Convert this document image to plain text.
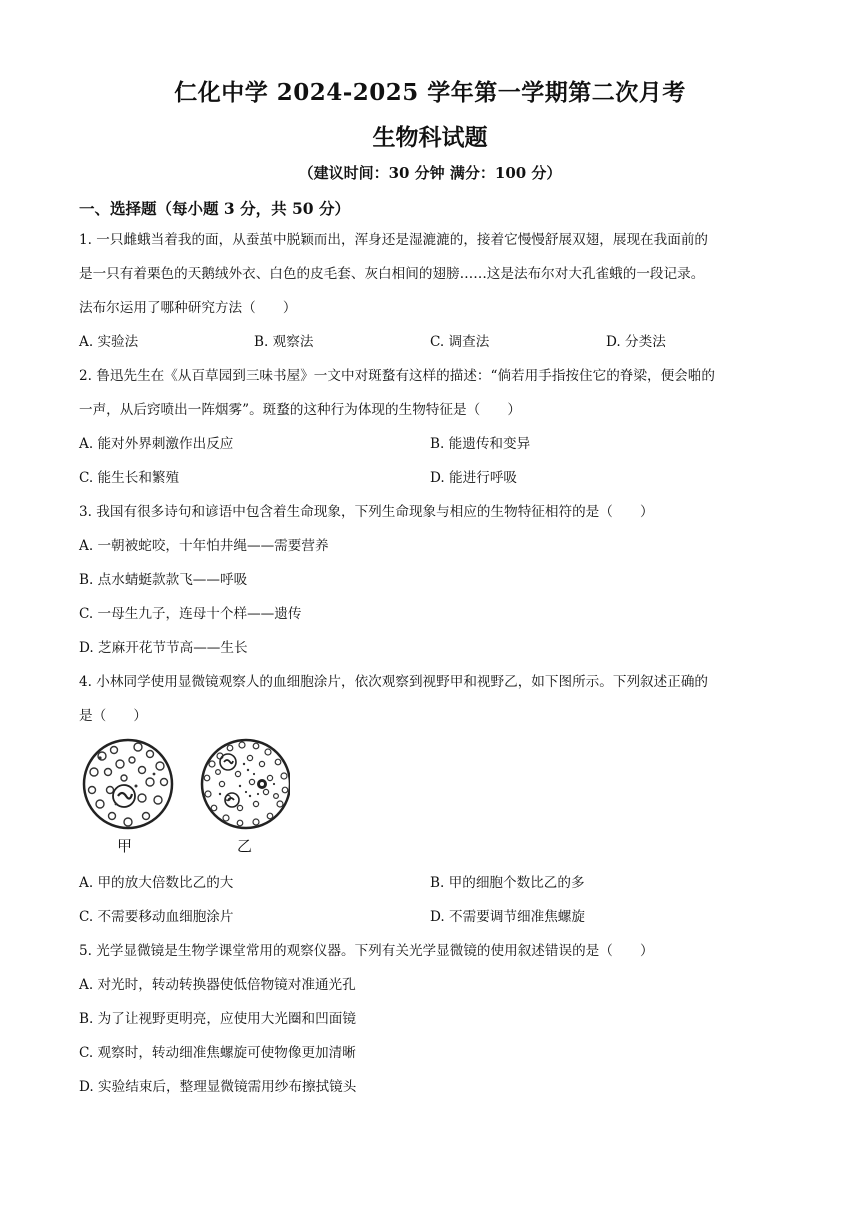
仁化中学 2024-2025 学年第一学期第二次月考
生物科试题
（建议时间：30 分钟 满分：100 分）
一、选择题（每小题 3 分，共 50 分）
1. 一只雌蛾当着我的面，从蚕茧中脱颖而出，浑身还是湿漉漉的，接着它慢慢舒展双翅，展现在我面前的
是一只有着栗色的天鹅绒外衣、白色的皮毛套、灰白相间的翅膀……这是法布尔对大孔雀蛾的一段记录。
法布尔运用了哪种研究方法（　　）
A. 实验法	B. 观察法	C. 调查法	D. 分类法
2. 鲁迅先生在《从百草园到三味书屋》一文中对斑蝥有这样的描述：“倘若用手指按住它的脊梁，便会啪的
一声，从后窍喷出一阵烟雾”。斑蝥的这种行为体现的生物特征是（　　）
A. 能对外界刺激作出反应	B. 能遗传和变异
C. 能生长和繁殖	D. 能进行呼吸
3. 我国有很多诗句和谚语中包含着生命现象，下列生命现象与相应的生物特征相符的是（　　）
A. 一朝被蛇咬，十年怕井绳——需要营养
B. 点水蜻蜓款款飞——呼吸
C. 一母生九子，连母十个样——遗传
D. 芝麻开花节节高——生长
4. 小林同学使用显微镜观察人的血细胞涂片，依次观察到视野甲和视野乙，如下图所示。下列叙述正确的
是（　　）
甲	乙
A. 甲的放大倍数比乙的大	B. 甲的细胞个数比乙的多
C. 不需要移动血细胞涂片	D. 不需要调节细准焦螺旋
5. 光学显微镜是生物学课堂常用的观察仪器。下列有关光学显微镜的使用叙述错误的是（　　）
A. 对光时，转动转换器使低倍物镜对准通光孔
B. 为了让视野更明亮，应使用大光圈和凹面镜
C. 观察时，转动细准焦螺旋可使物像更加清晰
D. 实验结束后，整理显微镜需用纱布擦拭镜头
